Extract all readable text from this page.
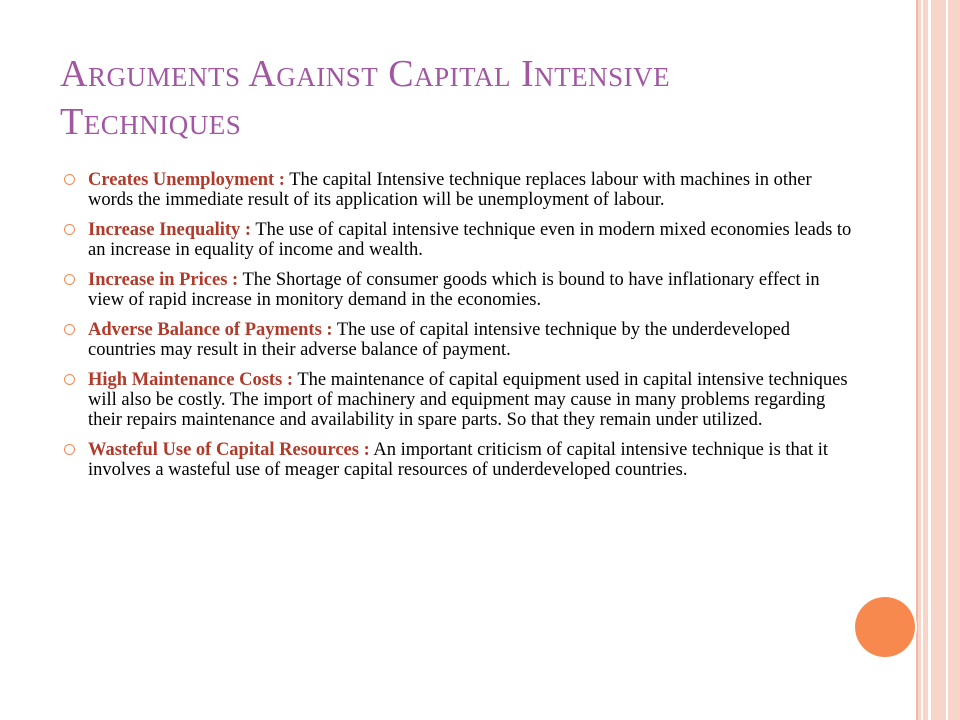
Arguments Against Capital Intensive
Techniques
Creates Unemployment : The capital Intensive technique replaces labour with machines in other words the immediate result of its application will be unemployment of labour.
Increase Inequality : The use of capital intensive technique even in modern mixed economies leads to an increase in equality of income and wealth.
Increase in Prices : The Shortage of consumer goods which is bound to have inflationary effect in view of rapid increase in monitory demand in the economies.
Adverse Balance of Payments : The use of capital intensive technique by the underdeveloped countries may result in their adverse balance of payment.
High Maintenance Costs : The maintenance of capital equipment used in capital intensive techniques will also be costly. The import of machinery and equipment may cause in many problems regarding their repairs maintenance and availability in spare parts. So that they remain under utilized.
Wasteful Use of Capital Resources : An important criticism of capital intensive technique is that it involves a wasteful use of meager capital resources of underdeveloped countries.
